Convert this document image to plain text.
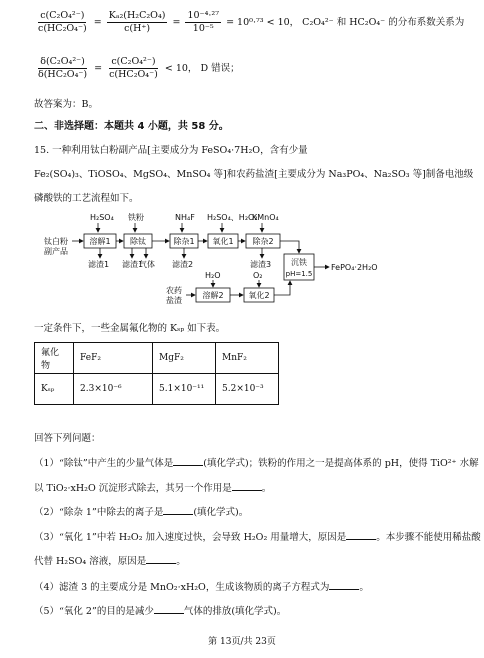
$\frac{\text{c(C₂O₄²⁻)}}{\text{c(HC₂O₄⁻)}} = \frac{\text{Kₐ₂(H₂C₂O₄)}}{c(H^+)} = \frac{\text{10⁻⁴·²⁷}}{\text{10⁻⁵}} = 10^0\cdot^{73} < 10$， C₂O₄²⁻ 和 HC₂O₄⁻ 的分布系数关系为
$\frac{\text{δ(C₂O₄²⁻)}}{\text{δ(HC₂O₄⁻)}} = \frac{\text{c(C₂O₄²⁻)}}{\text{c(HC₂O₄⁻)}} < 10$， D 错误；
故答案为：B。
二、非选择题：本题共 4 小题，共 58 分。
15. 一种利用钛白粉副产品[主要成分为 FeSO₄·7H₂O，含有少量
Fe₂(SO₄)₃、TiOSO₄、MgSO₄、MnSO₄ 等]和农药盐渣[主要成分为 Na₃PO₄、Na₂SO₃ 等]制备电池级
磷酸铁的工艺流程如下。
钛白粉
副产品
H₂SO₄ 铁粉	NH₄F H₂SO₄、H₂O₂
KMnO₄
溶解1 除钛	除杂1 氧化1 除杂2
沉铁
pH=1.5
溶解2	氧化2
FePO₄·2H₂O
滤渣1 滤渣1
气体 滤渣2	滤渣3
H₂O	O₂
农药
盐渣
一定条件下，一些金属氟化物的 Kₛₚ 如下表。
氟化物	FeF₂	MgF₂	MnF₂
Kₛₚ	2.3×10⁻⁶	5.1×10⁻¹¹	5.2×10⁻³
回答下列问题：
（1）“除钛”中产生的少量气体是	(填化学式)；铁粉的作用之一是提高体系的 pH，使得 TiO²⁺ 水解
以 TiO₂·xH₂O 沉淀形式除去，其另一个作用是	。
（2）“除杂 1”中除去的离子是	(填化学式)。
（3）“氧化 1”中若 H₂O₂ 加入速度过快，会导致 H₂O₂ 用量增大，原因是	。本步骤不能使用稀盐酸
代替 H₂SO₄ 溶液，原因是	。
（4）滤渣 3 的主要成分是 MnO₂·xH₂O，生成该物质的离子方程式为	。
（5）“氧化 2”的目的是减少	气体的排放(填化学式)。
第 13页/共 23页
